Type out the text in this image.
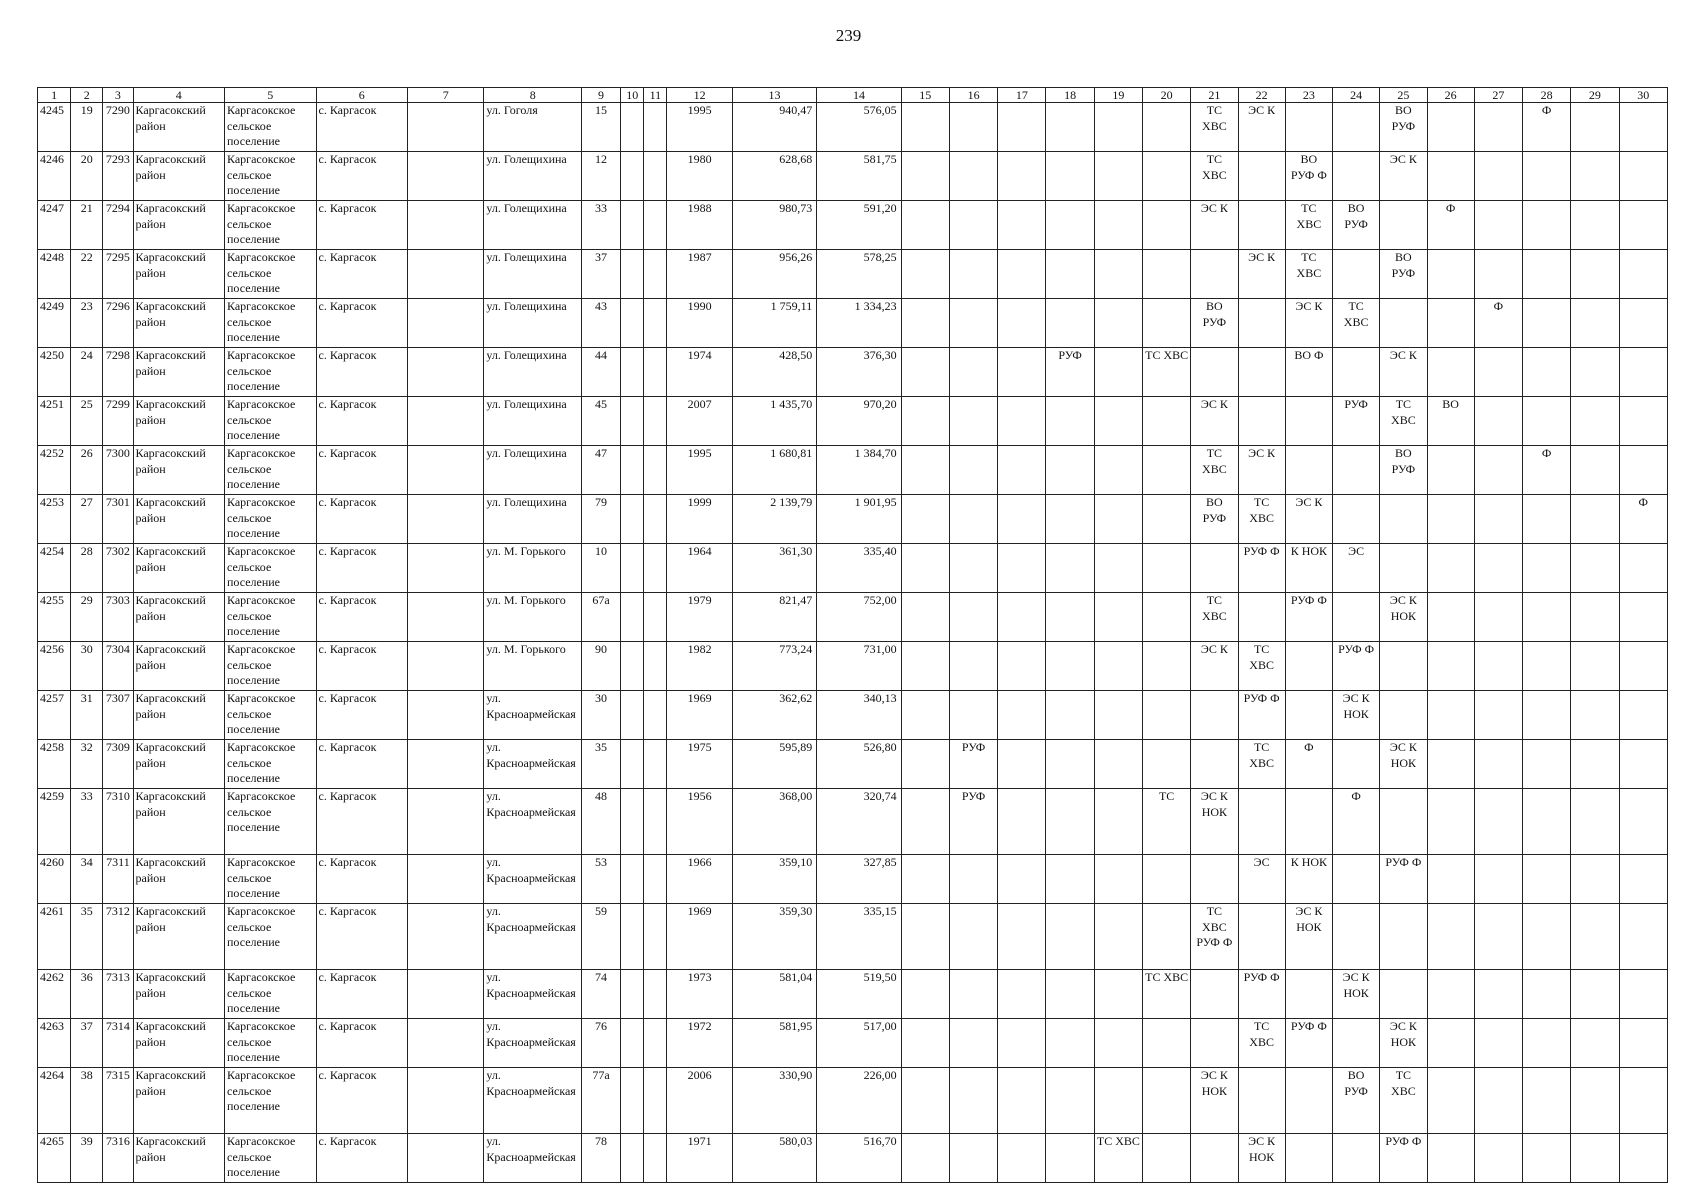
239
1	2	3	4	5	6	7	8	9	10	11	12	13	14	15	16	17	18	19	20	21	22	23	24	25	26	27	28	29	30
4245	19	7290	Каргасокский район	Каргасокское сельское поселение	с. Каргасок		ул. Гоголя	15			1995	940,47	576,05							ТС ХВС	ЭС К			ВО РУФ			Ф		
4246	20	7293	Каргасокский район	Каргасокское сельское поселение	с. Каргасок		ул. Голещихина	12			1980	628,68	581,75							ТС ХВС		ВО РУФ Ф		ЭС К					
4247	21	7294	Каргасокский район	Каргасокское сельское поселение	с. Каргасок		ул. Голещихина	33			1988	980,73	591,20							ЭС К		ТС ХВС	ВО РУФ		Ф				
4248	22	7295	Каргасокский район	Каргасокское сельское поселение	с. Каргасок		ул. Голещихина	37			1987	956,26	578,25								ЭС К	ТС ХВС		ВО РУФ					
4249	23	7296	Каргасокский район	Каргасокское сельское поселение	с. Каргасок		ул. Голещихина	43			1990	1 759,11	1 334,23							ВО РУФ		ЭС К	ТС ХВС			Ф			
4250	24	7298	Каргасокский район	Каргасокское сельское поселение	с. Каргасок		ул. Голещихина	44			1974	428,50	376,30				РУФ		ТС ХВС			ВО Ф		ЭС К					
4251	25	7299	Каргасокский район	Каргасокское сельское поселение	с. Каргасок		ул. Голещихина	45			2007	1 435,70	970,20							ЭС К			РУФ	ТС ХВС	ВО				
4252	26	7300	Каргасокский район	Каргасокское сельское поселение	с. Каргасок		ул. Голещихина	47			1995	1 680,81	1 384,70							ТС ХВС	ЭС К			ВО РУФ			Ф		
4253	27	7301	Каргасокский район	Каргасокское сельское поселение	с. Каргасок		ул. Голещихина	79			1999	2 139,79	1 901,95							ВО РУФ	ТС ХВС	ЭС К							Ф
4254	28	7302	Каргасокский район	Каргасокское сельское поселение	с. Каргасок		ул. М. Горького	10			1964	361,30	335,40								РУФ Ф	К НОК	ЭС						
4255	29	7303	Каргасокский район	Каргасокское сельское поселение	с. Каргасок		ул. М. Горького	67а			1979	821,47	752,00							ТС ХВС		РУФ Ф		ЭС К НОК					
4256	30	7304	Каргасокский район	Каргасокское сельское поселение	с. Каргасок		ул. М. Горького	90			1982	773,24	731,00							ЭС К	ТС ХВС		РУФ Ф						
4257	31	7307	Каргасокский район	Каргасокское сельское поселение	с. Каргасок		ул. Красноармейская	30			1969	362,62	340,13								РУФ Ф		ЭС К НОК						
4258	32	7309	Каргасокский район	Каргасокское сельское поселение	с. Каргасок		ул. Красноармейская	35			1975	595,89	526,80		РУФ						ТС ХВС	Ф		ЭС К НОК					
4259	33	7310	Каргасокский район	Каргасокское сельское поселение	с. Каргасок		ул. Красноармейская	48			1956	368,00	320,74		РУФ				ТС	ЭС К НОК			Ф						
4260	34	7311	Каргасокский район	Каргасокское сельское поселение	с. Каргасок		ул. Красноармейская	53			1966	359,10	327,85								ЭС	К НОК		РУФ Ф					
4261	35	7312	Каргасокский район	Каргасокское сельское поселение	с. Каргасок		ул. Красноармейская	59			1969	359,30	335,15							ТС ХВС РУФ Ф		ЭС К НОК							
4262	36	7313	Каргасокский район	Каргасокское сельское поселение	с. Каргасок		ул. Красноармейская	74			1973	581,04	519,50						ТС ХВС		РУФ Ф		ЭС К НОК						
4263	37	7314	Каргасокский район	Каргасокское сельское поселение	с. Каргасок		ул. Красноармейская	76			1972	581,95	517,00								ТС ХВС	РУФ Ф		ЭС К НОК					
4264	38	7315	Каргасокский район	Каргасокское сельское поселение	с. Каргасок		ул. Красноармейская	77а			2006	330,90	226,00							ЭС К НОК			ВО РУФ	ТС ХВС					
4265	39	7316	Каргасокский район	Каргасокское сельское поселение	с. Каргасок		ул. Красноармейская	78			1971	580,03	516,70					ТС ХВС			ЭС К НОК			РУФ Ф					
